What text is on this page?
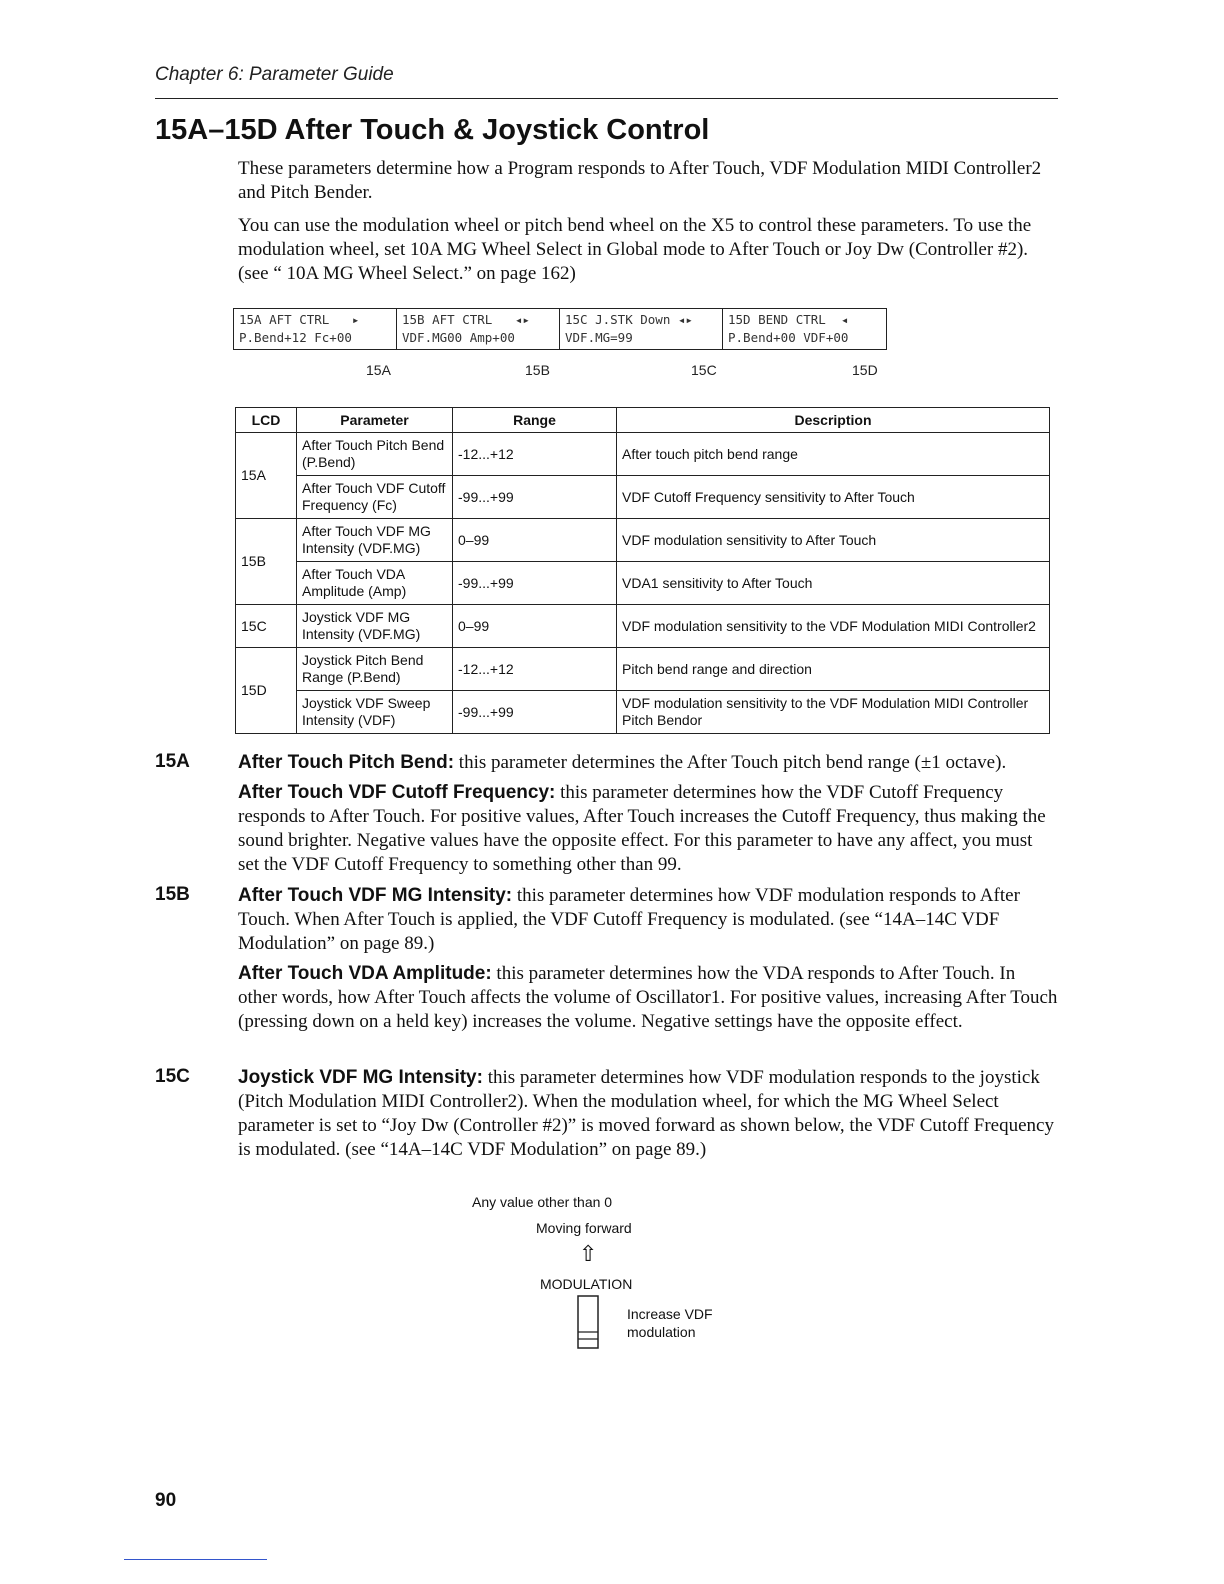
Chapter 6: Parameter Guide
15A–15D After Touch & Joystick Control
These parameters determine how a Program responds to After Touch, VDF Modulation MIDI Controller2 and Pitch Bender.
You can use the modulation wheel or pitch bend wheel on the X5 to control these parameters. To use the modulation wheel, set 10A MG Wheel Select in Global mode to After Touch or Joy Dw (Controller #2). (see “ 10A MG Wheel Select.” on page 162)
15A AFT CTRL   ▸
P.Bend+12 Fc+00
15B AFT CTRL   ◂▸
VDF.MG00 Amp+00
15C J.STK Down ◂▸
VDF.MG=99
15D BEND CTRL  ◂
P.Bend+00 VDF+00
15A	15B	15C	15D
LCD	Parameter	Range	Description
15A	After Touch Pitch Bend (P.Bend)	-12...+12	After touch pitch bend range
	After Touch VDF Cutoff Frequency (Fc)	-99...+99	VDF Cutoff Frequency sensitivity to After Touch
15B	After Touch VDF MG Intensity (VDF.MG)	0–99	VDF modulation sensitivity to After Touch
	After Touch VDA Amplitude (Amp)	-99...+99	VDA1 sensitivity to After Touch
15C	Joystick VDF MG Intensity (VDF.MG)	0–99	VDF modulation sensitivity to the VDF Modulation MIDI Controller2
15D	Joystick Pitch Bend Range (P.Bend)	-12...+12	Pitch bend range and direction
	Joystick VDF Sweep Intensity (VDF)	-99...+99	VDF modulation sensitivity to the VDF Modulation MIDI Controller Pitch Bendor
15A	After Touch Pitch Bend: this parameter determines the After Touch pitch bend range (±1 octave).
After Touch VDF Cutoff Frequency: this parameter determines how the VDF Cutoff Frequency responds to After Touch. For positive values, After Touch increases the Cutoff Frequency, thus making the sound brighter. Negative values have the opposite effect. For this parameter to have any affect, you must set the VDF Cutoff Frequency to something other than 99.
15B	After Touch VDF MG Intensity: this parameter determines how VDF modulation responds to After Touch. When After Touch is applied, the VDF Cutoff Frequency is modulated. (see “14A–14C VDF Modulation” on page 89.)
After Touch VDA Amplitude: this parameter determines how the VDA responds to After Touch. In other words, how After Touch affects the volume of Oscillator1. For positive values, increasing After Touch (pressing down on a held key) increases the volume. Negative settings have the opposite effect.
15C	Joystick VDF MG Intensity: this parameter determines how VDF modulation responds to the joystick (Pitch Modulation MIDI Controller2). When the modulation wheel, for which the MG Wheel Select parameter is set to “Joy Dw (Controller #2)” is moved forward as shown below, the VDF Cutoff Frequency is modulated. (see “14A–14C VDF Modulation” on page 89.)
Any value other than 0
Moving forward
⇧
MODULATION
Increase VDF
modulation
90
